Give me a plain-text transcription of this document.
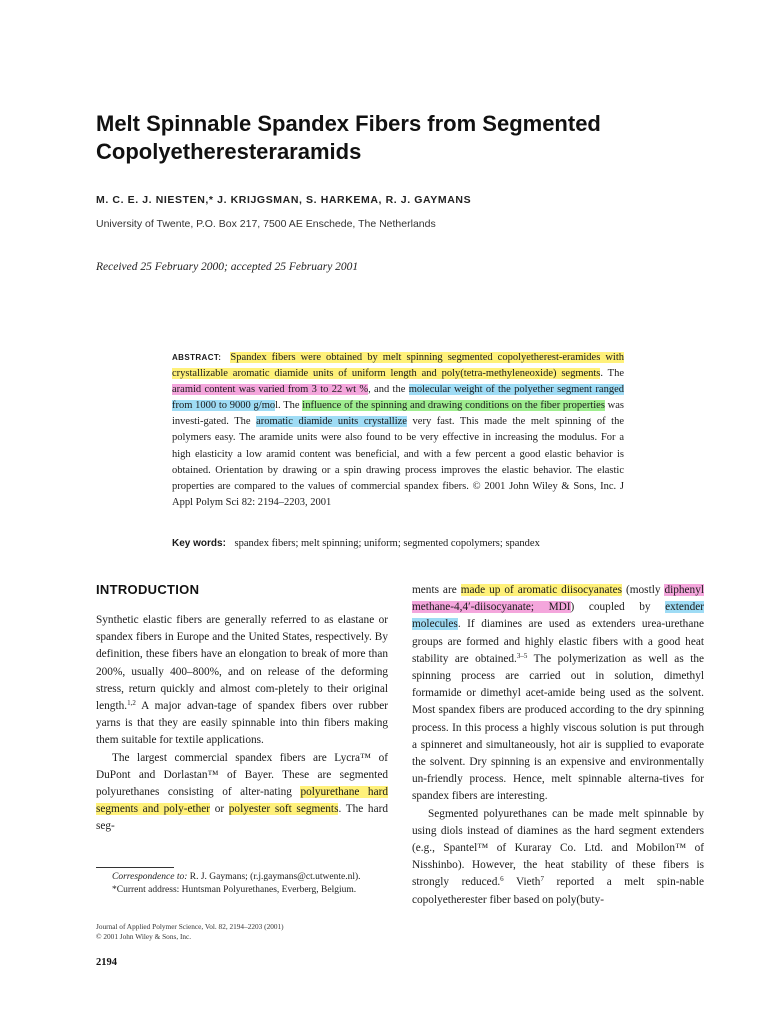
Melt Spinnable Spandex Fibers from Segmented Copolyetheresteraramids

M. C. E. J. NIESTEN,* J. KRIJGSMAN, S. HARKEMA, R. J. GAYMANS

University of Twente, P.O. Box 217, 7500 AE Enschede, The Netherlands

Received 25 February 2000; accepted 25 February 2001

ABSTRACT: Spandex fibers were obtained by melt spinning segmented copolyetherest-eramides with crystallizable aromatic diamide units of uniform length and poly(tetra-methyleneoxide) segments. The aramid content was varied from 3 to 22 wt %, and the molecular weight of the polyether segment ranged from 1000 to 9000 g/mol. The influence of the spinning and drawing conditions on the fiber properties was investi-gated. The aromatic diamide units crystallize very fast. This made the melt spinning of the polymers easy. The aramide units were also found to be very effective in increasing the modulus. For a high elasticity a low aramid content was beneficial, and with a few percent a good elastic behavior is obtained. Orientation by drawing or a spin drawing process improves the elastic behavior. The elastic properties are compared to the values of commercial spandex fibers. © 2001 John Wiley & Sons, Inc. J Appl Polym Sci 82: 2194–2203, 2001

Key words: spandex fibers; melt spinning; uniform; segmented copolymers; spandex

INTRODUCTION

Synthetic elastic fibers are generally referred to as elastane or spandex fibers in Europe and the United States, respectively. By definition, these fibers have an elongation to break of more than 200%, usually 400–800%, and on release of the deforming stress, return quickly and almost com-pletely to their original length.$^{1,2}$ A major advan-tage of spandex fibers over rubber yarns is that they are easily spinnable into thin fibers making them suitable for textile applications.

The largest commercial spandex fibers are Lycra™ of DuPont and Dorlastan™ of Bayer. These are segmented polyurethanes consisting of alter-nating polyurethane hard segments and poly-ether or polyester soft segments. The hard seg-

Correspondence to: R. J. Gaymans; (r.j.gaymans@ct.utwente.nl).

*Current address: Huntsman Polyurethanes, Everberg, Belgium.

Journal of Applied Polymer Science, Vol. 82, 2194–2203 (2001)

© 2001 John Wiley & Sons, Inc.

2194

ments are made up of aromatic diisocyanates (mostly diphenyl methane-4,4′-diisocyanate; MDI) coupled by extender molecules. If diamines are used as extenders urea-urethane groups are formed and highly elastic fibers with a good heat stability are obtained.$^{3-5}$ The polymerization as well as the spinning process are carried out in solution, dimethyl formamide or dimethyl acet-amide being used as the solvent. Most spandex fibers are produced according to the dry spinning process. In this process a highly viscous solution is put through a spinneret and simultaneously, hot air is supplied to evaporate the solvent. Dry spinning is an expensive and environmentally un-friendly process. Hence, melt spinnable alterna-tives for spandex fibers are interesting.

Segmented polyurethanes can be made melt spinnable by using diols instead of diamines as the hard segment extenders (e.g., Spantel™ of Kuraray Co. Ltd. and Mobilon™ of Nisshinbo). However, the heat stability of these fibers is strongly reduced.$^6$ Vieth$^7$ reported a melt spin-nable copolyetherester fiber based on poly(buty-
